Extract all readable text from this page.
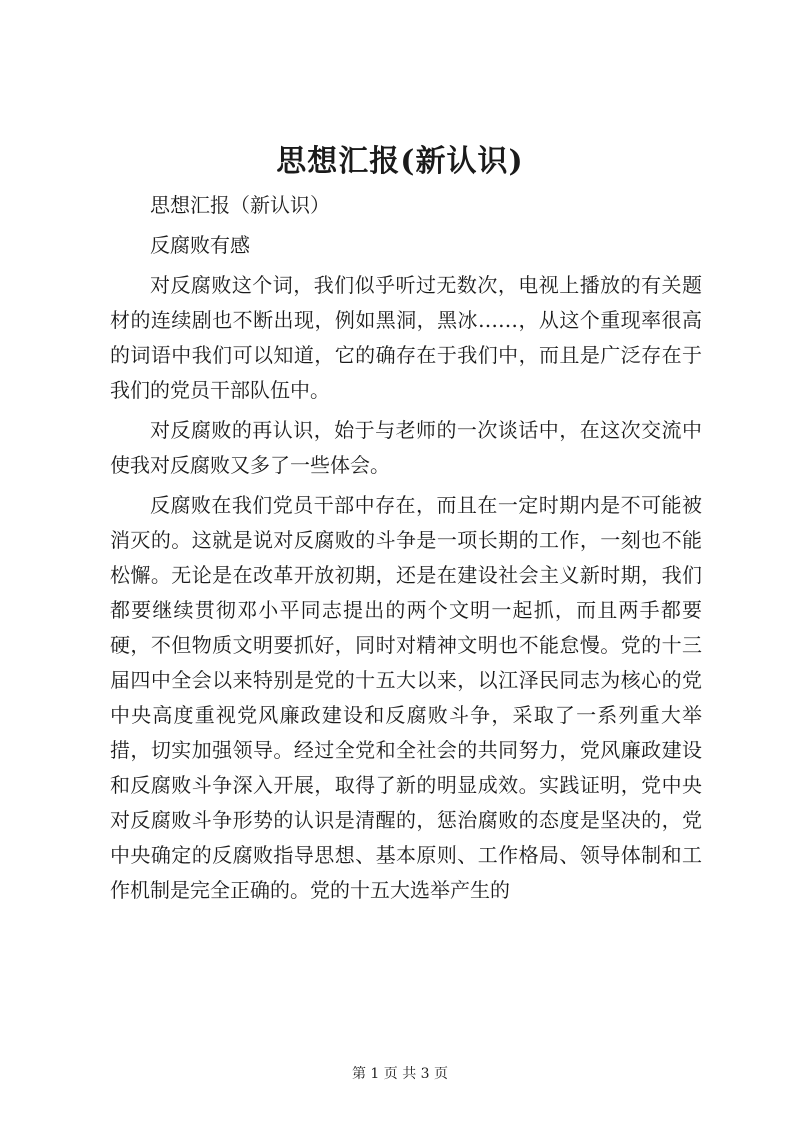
思想汇报(新认识)

思想汇报（新认识）

反腐败有感

对反腐败这个词，我们似乎听过无数次，电视上播放的有关题材的连续剧也不断出现，例如黑洞，黑冰……，从这个重现率很高的词语中我们可以知道，它的确存在于我们中，而且是广泛存在于我们的党员干部队伍中。

对反腐败的再认识，始于与老师的一次谈话中，在这次交流中使我对反腐败又多了一些体会。

反腐败在我们党员干部中存在，而且在一定时期内是不可能被消灭的。这就是说对反腐败的斗争是一项长期的工作，一刻也不能松懈。无论是在改革开放初期，还是在建设社会主义新时期，我们都要继续贯彻邓小平同志提出的两个文明一起抓，而且两手都要硬，不但物质文明要抓好，同时对精神文明也不能怠慢。党的十三届四中全会以来特别是党的十五大以来，以江泽民同志为核心的党中央高度重视党风廉政建设和反腐败斗争，采取了一系列重大举措，切实加强领导。经过全党和全社会的共同努力，党风廉政建设和反腐败斗争深入开展，取得了新的明显成效。实践证明，党中央对反腐败斗争形势的认识是清醒的，惩治腐败的态度是坚决的，党中央确定的反腐败指导思想、基本原则、工作格局、领导体制和工作机制是完全正确的。党的十五大选举产生的

第 1 页 共 3 页
